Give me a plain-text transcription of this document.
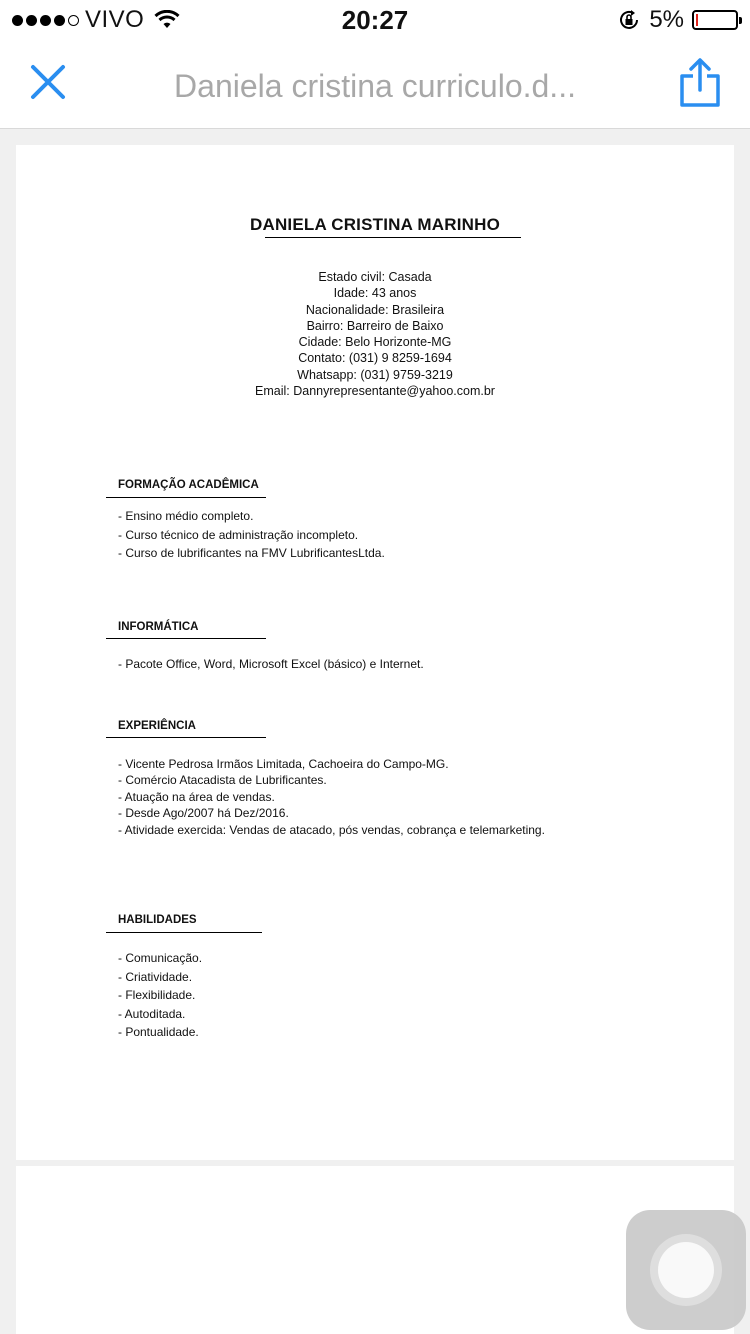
VIVO	20:27	5%
Daniela cristina curriculo.d...
DANIELA CRISTINA MARINHO
Estado civil: Casada
Idade: 43 anos
Nacionalidade: Brasileira
Bairro: Barreiro de Baixo
Cidade: Belo Horizonte-MG
Contato: (031) 9 8259-1694
Whatsapp: (031) 9759-3219
Email: Dannyrepresentante@yahoo.com.br
FORMAÇÃO ACADÊMICA
- Ensino médio completo.
- Curso técnico de administração incompleto.
- Curso de lubrificantes na FMV LubrificantesLtda.
INFORMÁTICA
- Pacote Office, Word, Microsoft Excel (básico) e Internet.
EXPERIÊNCIA
- Vicente Pedrosa Irmãos Limitada, Cachoeira do Campo-MG.
- Comércio Atacadista de Lubrificantes.
- Atuação na área de vendas.
- Desde Ago/2007 há Dez/2016.
- Atividade exercida: Vendas de atacado, pós vendas, cobrança e telemarketing.
HABILIDADES
- Comunicação.
- Criatividade.
- Flexibilidade.
- Autoditada.
- Pontualidade.
